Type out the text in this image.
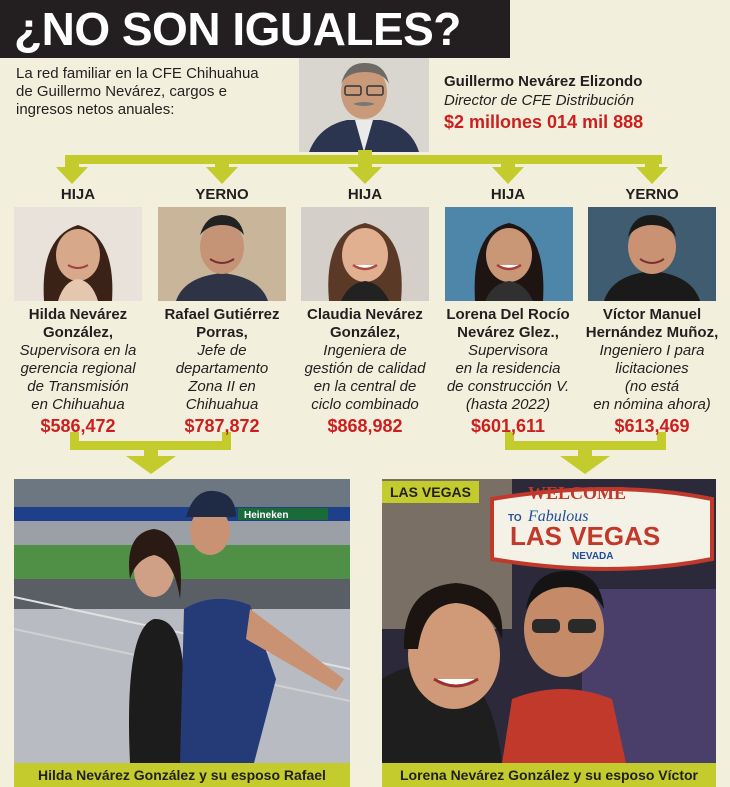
¿NO SON IGUALES?
La red familiar en la CFE Chihuahua de Guillermo Nevárez, cargos e ingresos netos anuales:
Guillermo Nevárez Elizondo
Director de CFE Distribución
$2 millones 014 mil 888
HIJA	YERNO	HIJA	HIJA	YERNO
Hilda Nevárez
González,
Supervisora en la
gerencia regional
de Transmisión
en Chihuahua
$586,472
Rafael Gutiérrez
Porras,
Jefe de
departamento
Zona II en
Chihuahua
$787,872
Claudia Nevárez
González,
Ingeniera de
gestión de calidad
en la central de
ciclo combinado
$868,982
Lorena Del Rocío
Nevárez Glez.,
Supervisora
en la residencia
de construcción V.
(hasta 2022)
$601,611
Víctor Manuel
Hernández Muñoz,
Ingeniero I para
licitaciones
(no está
en nómina ahora)
$613,469
Heineken
Hilda Nevárez González y su esposo Rafael
WELCOME
TO Fabulous
LAS VEGAS
NEVADA
LAS VEGAS
Lorena Nevárez González y su esposo Víctor
